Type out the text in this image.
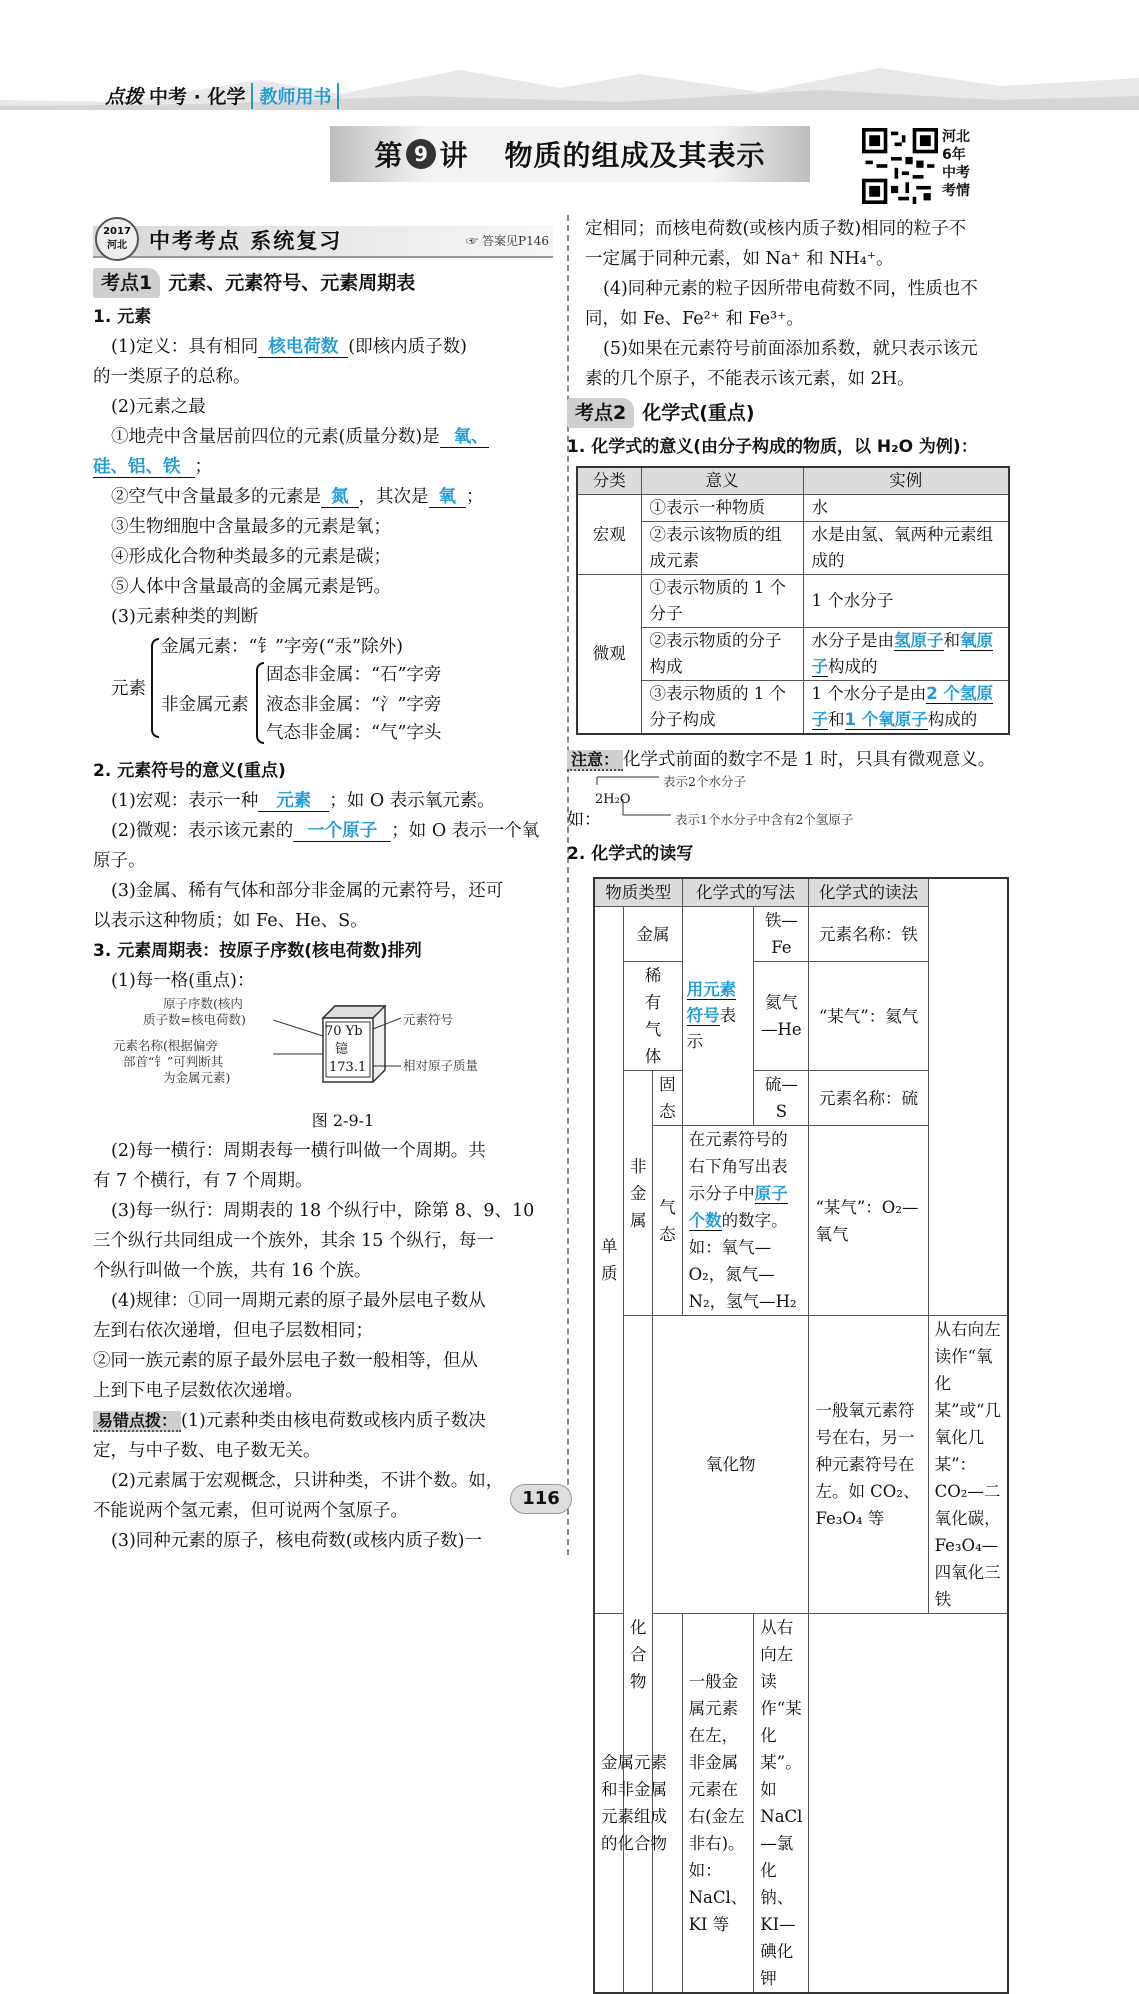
点拨 中考 · 化学 教师用书
第 9 讲 物质的组成及其表示
河北6年中考考情
2017
河北	中考考点 系统复习	☞ 答案见P146
考点1 元素、元素符号、元素周期表
1. 元素
(1)定义：具有相同 核电荷数 (即核内质子数)
的一类原子的总称。
(2)元素之最
①地壳中含量居前四位的元素(质量分数)是 氧、
硅、铝、铁 ；
②空气中含量最多的元素是 氮 ，其次是 氧 ；
③生物细胞中含量最多的元素是氧；
④形成化合物种类最多的元素是碳；
⑤人体中含量最高的金属元素是钙。
(3)元素种类的判断
元素
金属元素：“钅”字旁(“汞”除外)
非金属元素
固态非金属：“石”字旁
液态非金属：“氵”字旁
气态非金属：“气”字头
2. 元素符号的意义(重点)
(1)宏观：表示一种 元素 ；如 O 表示氧元素。
(2)微观：表示该元素的 一个原子 ；如 O 表示一个氧
原子。
(3)金属、稀有气体和部分非金属的元素符号，还可
以表示这种物质；如 Fe、He、S。
3. 元素周期表：按原子序数(核电荷数)排列
(1)每一格(重点)：
原子序数(核内
质子数=核电荷数)
元素名称(根据偏旁
部首“钅”可判断其
为金属元素)
70 Yb
镱
173.1
元素符号
相对原子质量
图 2-9-1
(2)每一横行：周期表每一横行叫做一个周期。共
有 7 个横行，有 7 个周期。
(3)每一纵行：周期表的 18 个纵行中，除第 8、9、10
三个纵行共同组成一个族外，其余 15 个纵行，每一
个纵行叫做一个族，共有 16 个族。
(4)规律：①同一周期元素的原子最外层电子数从
左到右依次递增，但电子层数相同；
②同一族元素的原子最外层电子数一般相等，但从
上到下电子层数依次递增。
易错点拨： (1)元素种类由核电荷数或核内质子数决
定，与中子数、电子数无关。
(2)元素属于宏观概念，只讲种类，不讲个数。如，
不能说两个氢元素，但可说两个氢原子。
(3)同种元素的原子，核电荷数(或核内质子数)一
定相同；而核电荷数(或核内质子数)相同的粒子不
一定属于同种元素，如 Na⁺ 和 NH₄⁺。
(4)同种元素的粒子因所带电荷数不同，性质也不
同，如 Fe、Fe²⁺ 和 Fe³⁺。
(5)如果在元素符号前面添加系数，就只表示该元
素的几个原子，不能表示该元素，如 2H。
考点2 化学式(重点)
1. 化学式的意义(由分子构成的物质，以 H₂O 为例)：
分类	意义	实例
宏观	①表示一种物质	水
	②表示该物质的组成元素	水是由氢、氧两种元素组成的
微观	①表示物质的 1 个分子	1 个水分子
	②表示物质的分子构成	水分子是由氢原子和氧原子构成的
	③表示物质的 1 个分子构成	1 个水分子是由2 个氢原子和1 个氧原子构成的
注意： 化学式前面的数字不是 1 时，只具有微观意义。
如：
2H₂O
表示2个水分子
表示1个水分子中含有2个氢原子
2. 化学式的读写
物质类型			化学式的写法		化学式的读法	
单质	金属		用元素符号表示	铁—Fe	元素名称：铁	
	稀有气体			氦气—He	“某气”：氦气	
	非金属	固态		硫—S	元素名称：硫	
		气态	在元素符号的右下角写出表示分子中原子个数的数字。如：氧气—O₂，氮气—N₂，氢气—H₂		“某气”：O₂—氧气	
	化合物	氧化物			一般氧元素符号在右，另一种元素符号在左。如 CO₂、Fe₃O₄ 等	从右向左读作“氧化某”或“几氧化几某”：CO₂—二氧化碳，Fe₃O₄—四氧化三铁
金属元素和非金属元素组成的化合物			一般金属元素在左，非金属元素在右(金左非右)。如：NaCl、KI 等	从右向左读作“某化某”。如 NaCl—氯化钠、KI—碘化钾		
116
